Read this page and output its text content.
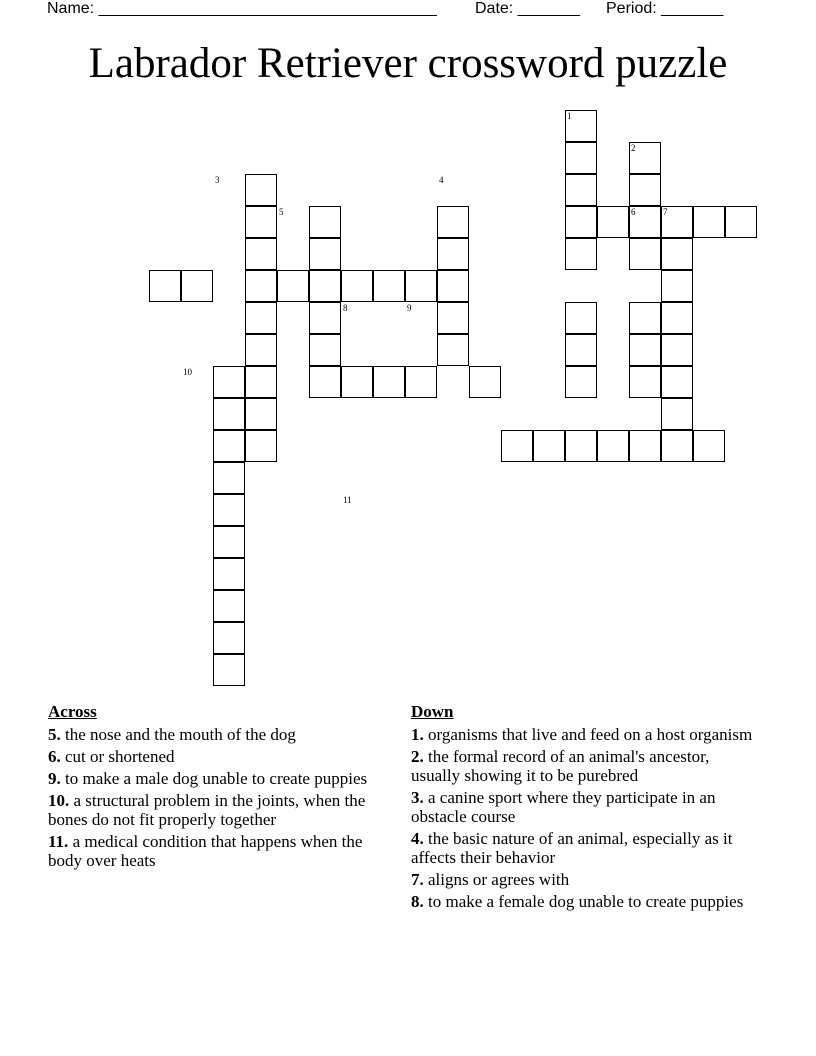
Name: ______________________________________ Date: _______ Period: _______
Labrador Retriever crossword puzzle
1
2
3	4
5	6	7
8	9
10
11
Across
5. the nose and the mouth of the dog
6. cut or shortened
9. to make a male dog unable to create puppies
10. a structural problem in the joints, when the bones do not fit properly together
11. a medical condition that happens when the body over heats
Down
1. organisms that live and feed on a host organism
2. the formal record of an animal's ancestor, usually showing it to be purebred
3. a canine sport where they participate in an obstacle course
4. the basic nature of an animal, especially as it affects their behavior
7. aligns or agrees with
8. to make a female dog unable to create puppies
